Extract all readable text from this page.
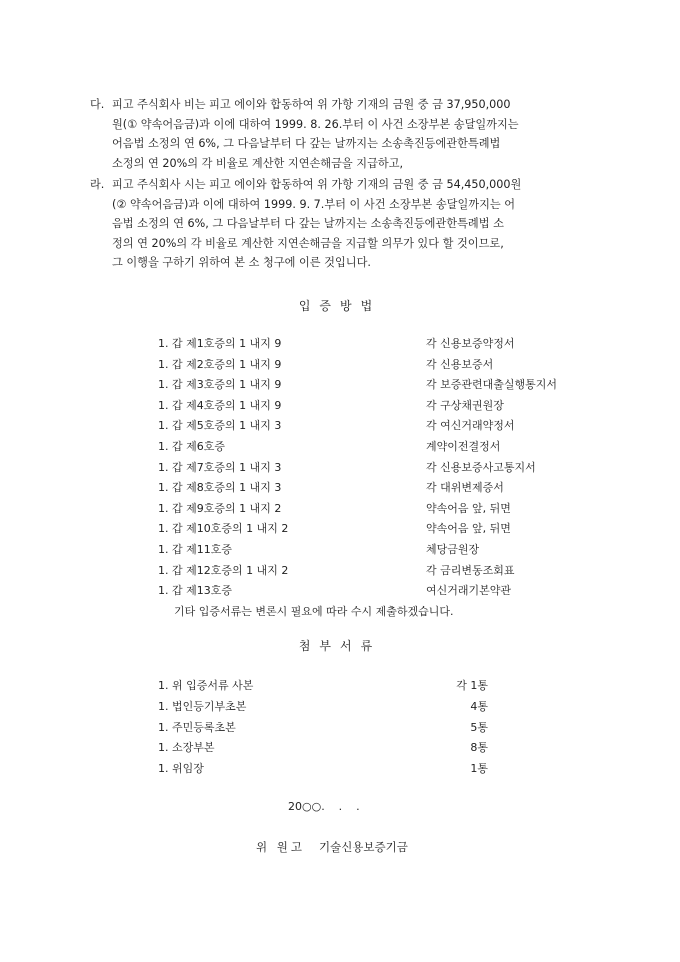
다. 피고 주식회사 비는 피고 에이와 합동하여 위 가항 기재의 금원 중 금 37,950,000
원(① 약속어음금)과 이에 대하여 1999. 8. 26.부터 이 사건 소장부본 송달일까지는
어음법 소정의 연 6%, 그 다음날부터 다 갚는 날까지는 소송촉진등에관한특례법
소정의 연 20%의 각 비율로 계산한 지연손해금을 지급하고,
라. 피고 주식회사 시는 피고 에이와 합동하여 위 가항 기재의 금원 중 금 54,450,000원
(② 약속어음금)과 이에 대하여 1999. 9. 7.부터 이 사건 소장부본 송달일까지는 어
음법 소정의 연 6%, 그 다음날부터 다 갚는 날까지는 소송촉진등에관한특례법 소
정의 연 20%의 각 비율로 계산한 지연손해금을 지급할 의무가 있다 할 것이므로,
그 이행을 구하기 위하여 본 소 청구에 이른 것입니다.
입증방법
1. 갑 제1호증의 1 내지 9	각 신용보증약정서
1. 갑 제2호증의 1 내지 9	각 신용보증서
1. 갑 제3호증의 1 내지 9	각 보증관련대출실행통지서
1. 갑 제4호증의 1 내지 9	각 구상채권원장
1. 갑 제5호증의 1 내지 3	각 여신거래약정서
1. 갑 제6호증	계약이전결정서
1. 갑 제7호증의 1 내지 3	각 신용보증사고통지서
1. 갑 제8호증의 1 내지 3	각 대위변제증서
1. 갑 제9호증의 1 내지 2	약속어음 앞, 뒤면
1. 갑 제10호증의 1 내지 2	약속어음 앞, 뒤면
1. 갑 제11호증	체당금원장
1. 갑 제12호증의 1 내지 2	각 금리변동조회표
1. 갑 제13호증	여신거래기본약관
기타 입증서류는 변론시 필요에 따라 수시 제출하겠습니다.
첨부서류
1. 위 입증서류 사본	각 1통
1. 법인등기부초본	4통
1. 주민등록초본	5통
1. 소장부본	8통
1. 위임장	1통
20○○.    .    .
위 원고 기술신용보증기금
